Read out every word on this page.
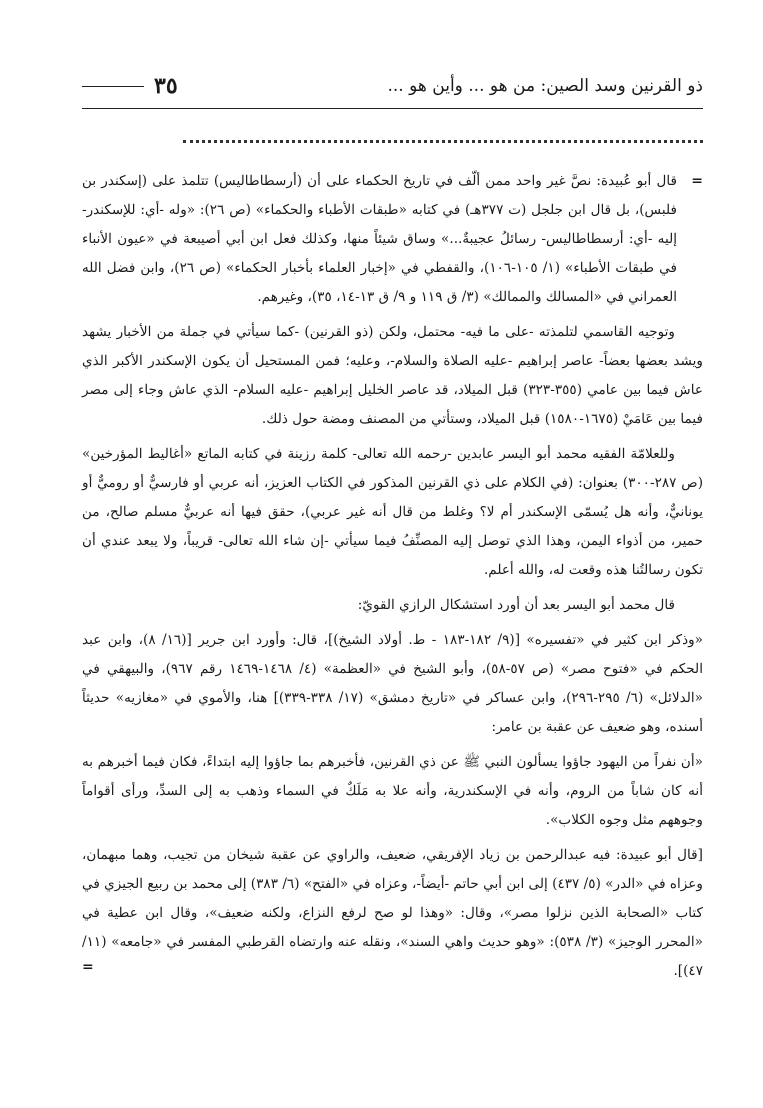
ذو القرنين وسد الصين: من هو ... وأين هو ...
٣٥

=
قال أبو عُبيدة: نصَّ غير واحد ممن ألّف في تاريخ الحكماء على أن (أرسطاطاليس) تتلمذ على (إسكندر بن فلبس)، بل قال ابن جلجل (ت ٣٧٧هـ) في كتابه «طبقات الأطباء والحكماء» (ص ٢٦): «وله -أي: للإسكندر- إليه -أي: أرسطاطاليس- رسائلُ عجيبةٌ...» وساق شيئاً منها، وكذلك فعل ابن أبي أصيبعة في «عيون الأنباء في طبقات الأطباء» (١/ ١٠٥-١٠٦)، والقفطي في «إخبار العلماء بأخبار الحكماء» (ص ٢٦)، وابن فضل الله العمراني في «المسالك والممالك» (٣/ ق ١١٩ و ٩/ ق ١٣-١٤، ٣٥)، وغيرهم.

وتوجيه القاسمي لتلمذته -على ما فيه- محتمل، ولكن (ذو القرنين) -كما سيأتي في جملة من الأخبار يشهد ويشد بعضها بعضاً- عاصر إبراهيم -عليه الصلاة والسلام-، وعليه؛ فمن المستحيل أن يكون الإسكندر الأكبر الذي عاش فيما بين عامي (٣٥٥-٣٢٣) قبل الميلاد، قد عاصر الخليل إبراهيم -عليه السلام- الذي عاش وجاء إلى مصر فيما بين عَامَيْ (١٦٧٥-١٥٨٠) قبل الميلاد، وستأتي من المصنف ومضة حول ذلك.

وللعلامّة الفقيه محمد أبو اليسر عابدين -رحمه الله تعالى- كلمة رزينة في كتابه الماتع «أغاليط المؤرخين» (ص ٢٨٧-٣٠٠) بعنوان: (في الكلام على ذي القرنين المذكور في الكتاب العزيز، أنه عربي أو فارسيٌّ أو روميٌّ أو يونانيٌّ، وأنه هل يُسمّى الإسكندر أم لا؟ وغلط من قال أنه غير عربي)، حقق فيها أنه عربيٌّ مسلم صالح، من حمير، من أذواء اليمن، وهذا الذي توصل إليه المصنِّفُ فيما سيأتي -إن شاء الله تعالى- قريباً، ولا يبعد عندي أن تكون رسالتُنا هذه وقعت له، والله أعلم.

قال محمد أبو اليسر بعد أن أورد استشكال الرازي القويّ:

«وذكر ابن كثير في «تفسيره» [(٩/ ١٨٢-١٨٣ - ط. أولاد الشيخ)]، قال: وأورد ابن جرير [(١٦/ ٨)، وابن عبد الحكم في «فتوح مصر» (ص ٥٧-٥٨)، وأبو الشيخ في «العظمة» (٤/ ١٤٦٨-١٤٦٩ رقم ٩٦٧)، والبيهقي في «الدلائل» (٦/ ٢٩٥-٢٩٦)، وابن عساكر في «تاريخ دمشق» (١٧/ ٣٣٨-٣٣٩)] هنا، والأموي في «مغازيه» حديثاً أسنده، وهو ضعيف عن عقبة بن عامر:

«أن نفراً من اليهود جاؤوا يسألون النبي ﷺ عن ذي القرنين، فأخبرهم بما جاؤوا إليه ابتداءً، فكان فيما أخبرهم به أنه كان شاباً من الروم، وأنه في الإسكندرية، وأنه علا به مَلَكٌ في السماء وذهب به إلى السدِّ، ورأى أقواماً وجوههم مثل وجوه الكلاب».

[قال أبو عبيدة: فيه عبدالرحمن بن زياد الإفريقي، ضعيف، والراوي عن عقبة شيخان من تجيب، وهما مبهمان، وعزاه في «الدر» (٥/ ٤٣٧) إلى ابن أبي حاتم -أيضاً-، وعزاه في «الفتح» (٦/ ٣٨٣) إلى محمد بن ربيع الجيزي في كتاب «الصحابة الذين نزلوا مصر»، وقال: «وهذا لو صح لرفع النزاع، ولكنه ضعيف»، وقال ابن عطية في «المحرر الوجيز» (٣/ ٥٣٨): «وهو حديث واهي السند»، ونقله عنه وارتضاه القرطبي المفسر في «جامعه» (١١/ ٤٧)].
=
